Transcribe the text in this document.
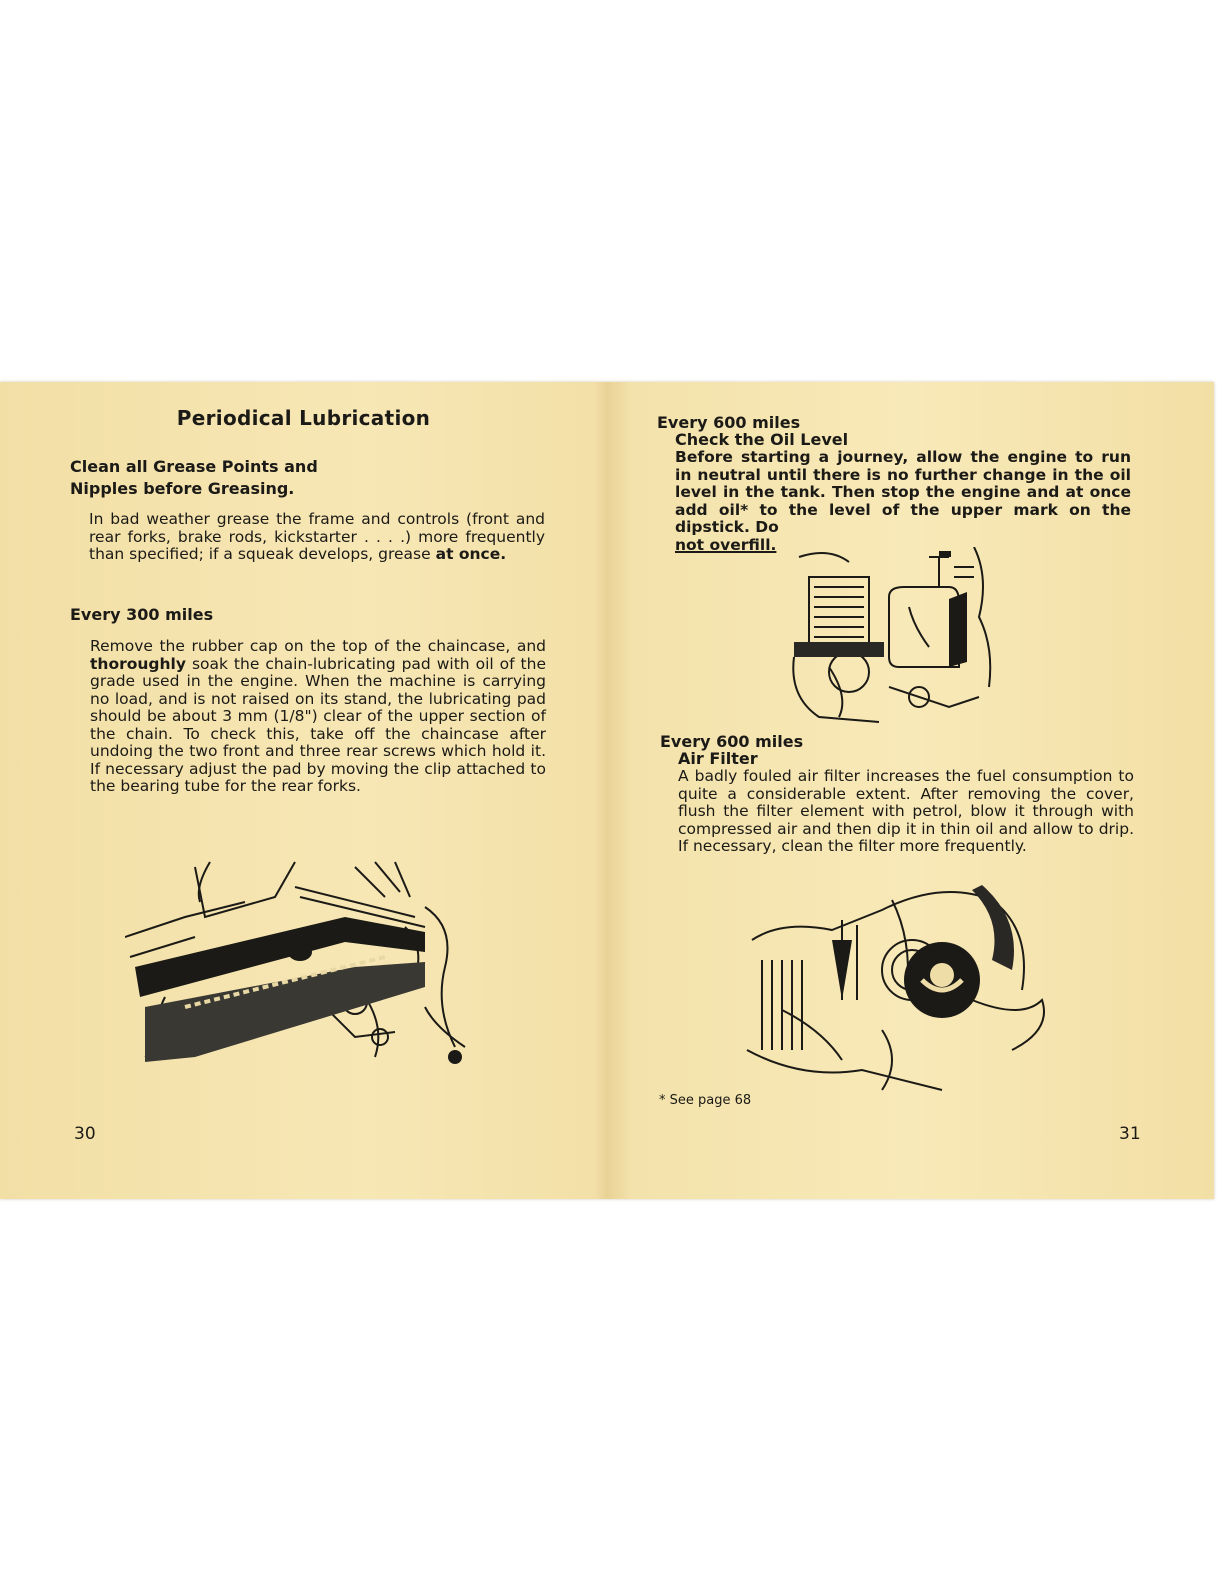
Periodical Lubrication
Clean all Grease Points and
Nipples before Greasing.
In bad weather grease the frame and controls (front and rear forks, brake rods, kickstarter . . . .) more frequently than specified; if a squeak develops, grease at once.
Every 300 miles
Remove the rubber cap on the top of the chaincase, and thoroughly soak the chain-lubricating pad with oil of the grade used in the engine. When the machine is carrying no load, and is not raised on its stand, the lubricating pad should be about 3 mm (1/8") clear of the upper section of the chain. To check this, take off the chaincase after undoing the two front and three rear screws which hold it. If necessary adjust the pad by moving the clip attached to the bearing tube for the rear forks.
30
Every 600 miles
Check the Oil Level
Before starting a journey, allow the engine to run in neutral until there is no further change in the oil level in the tank. Then stop the engine and at once add oil* to the level of the upper mark on the dipstick. Do
not overfill.
Every 600 miles
Air Filter
A badly fouled air filter increases the fuel consumption to quite a considerable extent. After removing the cover, flush the filter element with petrol, blow it through with compressed air and then dip it in thin oil and allow to drip. If necessary, clean the filter more frequently.
* See page 68
31
